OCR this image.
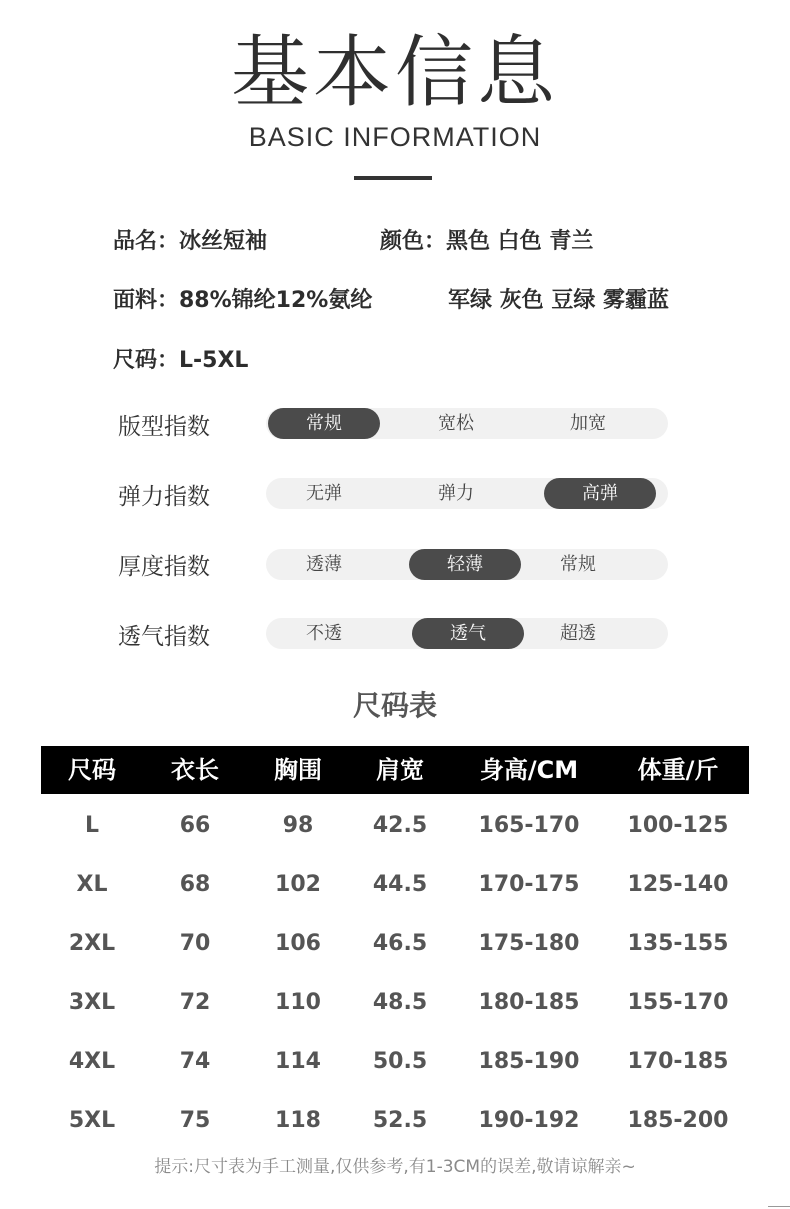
基本信息
BASIC INFORMATION
品名：冰丝短袖	颜色：黑色 白色 青兰
面料：88%锦纶12%氨纶	军绿 灰色 豆绿 雾霾蓝
尺码：L-5XL
版型指数	常规	宽松	加宽
弹力指数	无弹	弹力	高弹
厚度指数	透薄	轻薄	常规
透气指数	不透	透气	超透
尺码表
尺码 衣长 胸围 肩宽 身高/CM 体重/斤
L	66	98	42.5 165-170 100-125
XL	68	102 44.5 170-175 125-140
2XL	70	106 46.5 175-180 135-155
3XL	72	110 48.5 180-185 155-170
4XL	74	114 50.5 185-190 170-185
5XL	75	118 52.5 190-192 185-200
提示:尺寸表为手工测量,仅供参考,有1-3CM的误差,敬请谅解亲~
